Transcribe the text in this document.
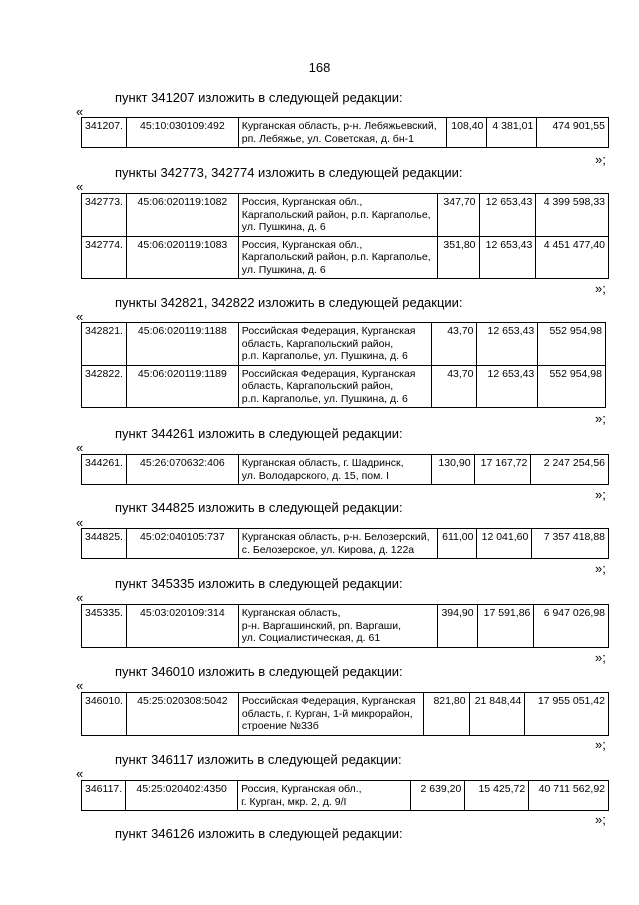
168
пункт 341207 изложить в следующей редакции:
«
341207.	45:10:030109:492	Курганская область, р-н. Лебяжьевский,
рп. Лебяжье, ул. Советская, д. бн-1
	108,40	4 381,01	474 901,55
»;
пункты 342773, 342774 изложить в следующей редакции:
«
342773.	45:06:020119:1082	Россия, Курганская обл.,
Каргапольский район, р.п. Каргаполье,
ул. Пушкина, д. 6	347,70	12 653,43	4 399 598,33
342774.	45:06:020119:1083	Россия, Курганская обл.,
Каргапольский район, р.п. Каргаполье,
ул. Пушкина, д. 6	351,80	12 653,43	4 451 477,40
»;
пункты 342821, 342822 изложить в следующей редакции:
«
342821.	45:06:020119:1188	Российская Федерация, Курганская
область, Каргапольский район,
р.п. Каргаполье, ул. Пушкина, д. 6	43,70	12 653,43	552 954,98
342822.	45:06:020119:1189	Российская Федерация, Курганская
область, Каргапольский район,
р.п. Каргаполье, ул. Пушкина, д. 6	43,70	12 653,43	552 954,98
»;
пункт 344261 изложить в следующей редакции:
«
344261.	45:26:070632:406	Курганская область, г. Шадринск,
ул. Володарского, д. 15, пом. I
	130,90	17 167,72	2 247 254,56
»;
пункт 344825 изложить в следующей редакции:
«
344825.	45:02:040105:737	Курганская область, р-н. Белозерский,
с. Белозерское, ул. Кирова, д. 122а
	611,00	12 041,60	7 357 418,88
»;
пункт 345335 изложить в следующей редакции:
«
345335.	45:03:020109:314	Курганская область,
р-н. Варгашинский, рп. Варгаши,
ул. Социалистическая, д. 61
	394,90	17 591,86	6 947 026,98
»;
пункт 346010 изложить в следующей редакции:
«
346010.	45:25:020308:5042	Российская Федерация, Курганская
область, г. Курган, 1-й микрорайон,
строение №33б
	821,80	21 848,44	17 955 051,42
»;
пункт 346117 изложить в следующей редакции:
«
346117.	45:25:020402:4350	Россия, Курганская обл.,
г. Курган, мкр. 2, д. 9/I
	2 639,20	15 425,72	40 711 562,92
»;
пункт 346126 изложить в следующей редакции:
